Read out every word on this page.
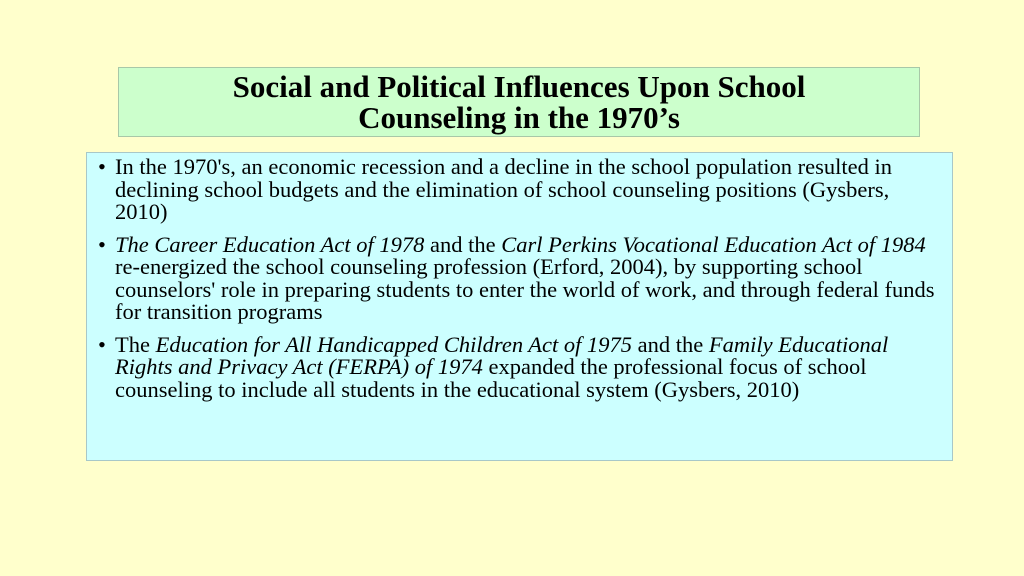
Social and Political Influences Upon School
Counseling in the 1970’s
• In the 1970's, an economic recession and a decline in the school population resulted in declining school budgets and the elimination of school counseling positions (Gysbers, 2010)
• The Career Education Act of 1978 and the Carl Perkins Vocational Education Act of 1984 re-energized the school counseling profession (Erford, 2004), by supporting school counselors' role in preparing students to enter the world of work, and through federal funds for transition programs
• The Education for All Handicapped Children Act of 1975 and the Family Educational Rights and Privacy Act (FERPA) of 1974 expanded the professional focus of school counseling to include all students in the educational system (Gysbers, 2010)
